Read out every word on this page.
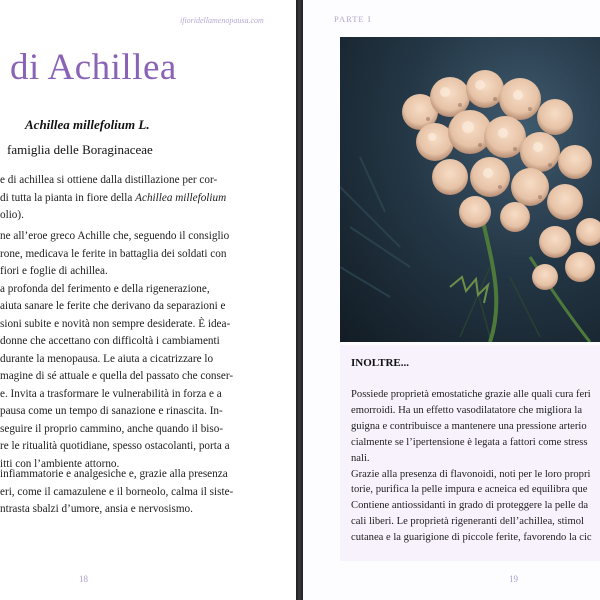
ifioridellamenopausa.com
di Achillea
Achillea millefolium L.
famiglia delle Boraginaceae
e di achillea si ottiene dalla distillazione per cor-
di tutta la pianta in fiore della Achillea millefolium
olio).
ne all’eroe greco Achille che, seguendo il consiglio
rone, medicava le ferite in battaglia dei soldati con
fiori e foglie di achillea.
a profonda del ferimento e della rigenerazione,
aiuta sanare le ferite che derivano da separazioni e
sioni subite e novità non sempre desiderate. È idea-
donne che accettano con difficoltà i cambiamenti
durante la menopausa. Le aiuta a cicatrizzare lo
magine di sé attuale e quella del passato che conser-
e. Invita a trasformare le vulnerabilità in forza e a
pausa come un tempo di sanazione e rinascita. In-
seguire il proprio cammino, anche quando il biso-
re le ritualità quotidiane, spesso ostacolanti, porta a
itti con l’ambiente attorno.
infiammatorie e analgesiche e, grazie alla presenza
eri, come il camazulene e il borneolo, calma il siste-
ntrasta sbalzi d’umore, ansia e nervosismo.
18
PARTE I
INOLTRE...
Possiede proprietà emostatiche grazie alle quali cura feri
emorroidi. Ha un effetto vasodilatatore che migliora la
guigna e contribuisce a mantenere una pressione arterio
cialmente se l’ipertensione è legata a fattori come stress
nali.
Grazie alla presenza di flavonoidi, noti per le loro propri
torie, purifica la pelle impura e acneica ed equilibra que
Contiene antiossidanti in grado di proteggere la pelle da
cali liberi. Le proprietà rigeneranti dell’achillea, stimol
cutanea e la guarigione di piccole ferite, favorendo la cic
19
